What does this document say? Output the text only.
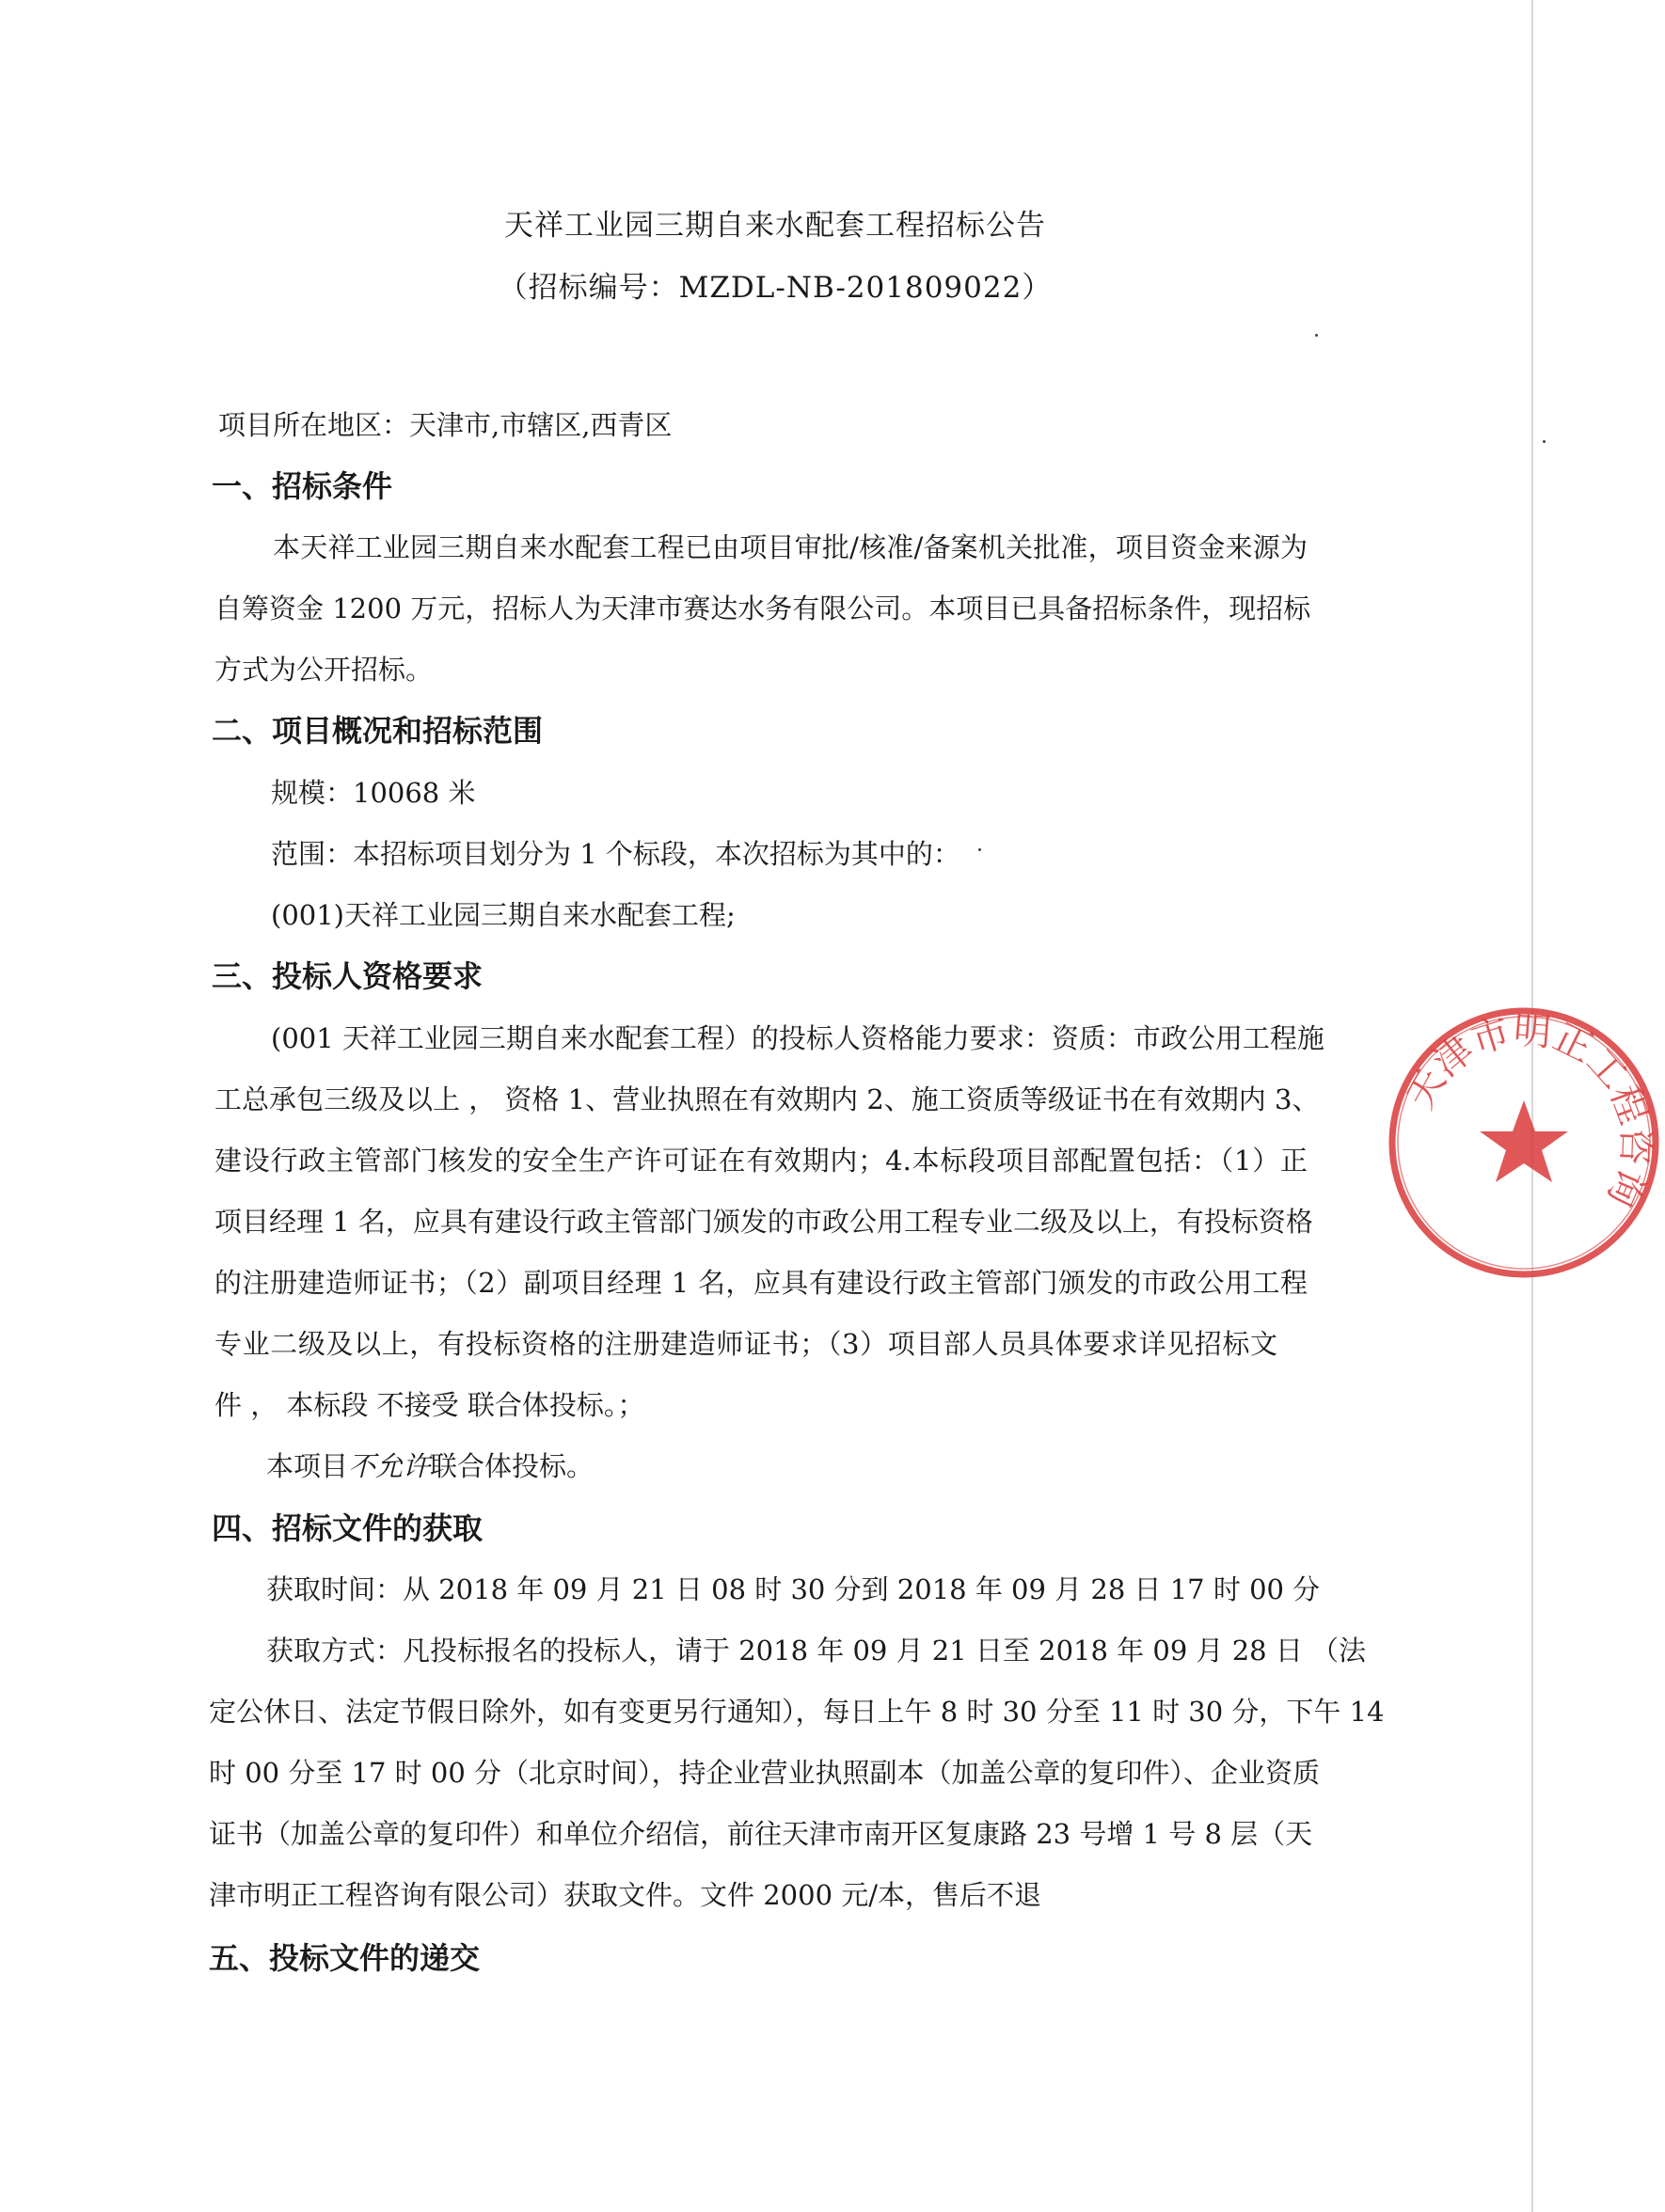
天祥工业园三期自来水配套工程招标公告
（招标编号：MZDL-NB-201809022）
项目所在地区：天津市,市辖区,西青区
一、招标条件
本天祥工业园三期自来水配套工程已由项目审批/核准/备案机关批准，项目资金来源为
自筹资金 1200 万元，招标人为天津市赛达水务有限公司。本项目已具备招标条件，现招标
方式为公开招标。
二、项目概况和招标范围
规模：10068 米
范围：本招标项目划分为 1 个标段，本次招标为其中的：
(001)天祥工业园三期自来水配套工程;
三、投标人资格要求
(001 天祥工业园三期自来水配套工程）的投标人资格能力要求：资质：市政公用工程施
工总承包三级及以上 ， 资格 1、营业执照在有效期内 2、施工资质等级证书在有效期内 3、
建设行政主管部门核发的安全生产许可证在有效期内；4.本标段项目部配置包括：（1）正
项目经理 1 名，应具有建设行政主管部门颁发的市政公用工程专业二级及以上，有投标资格
的注册建造师证书；（2）副项目经理 1 名，应具有建设行政主管部门颁发的市政公用工程
专业二级及以上，有投标资格的注册建造师证书；（3）项目部人员具体要求详见招标文
件 ， 本标段 不接受 联合体投标。；
本项目不允许联合体投标。
四、招标文件的获取
获取时间：从 2018 年 09 月 21 日 08 时 30 分到 2018 年 09 月 28 日 17 时 00 分
获取方式：凡投标报名的投标人，请于 2018 年 09 月 21 日至 2018 年 09 月 28 日 （法
定公休日、法定节假日除外，如有变更另行通知），每日上午 8 时 30 分至 11 时 30 分，下午 14
时 00 分至 17 时 00 分（北京时间），持企业营业执照副本（加盖公章的复印件）、企业资质
证书（加盖公章的复印件）和单位介绍信，前往天津市南开区复康路 23 号增 1 号 8 层（天
津市明正工程咨询有限公司）获取文件。文件 2000 元/本，售后不退
五、投标文件的递交
天津市明正工程咨询
